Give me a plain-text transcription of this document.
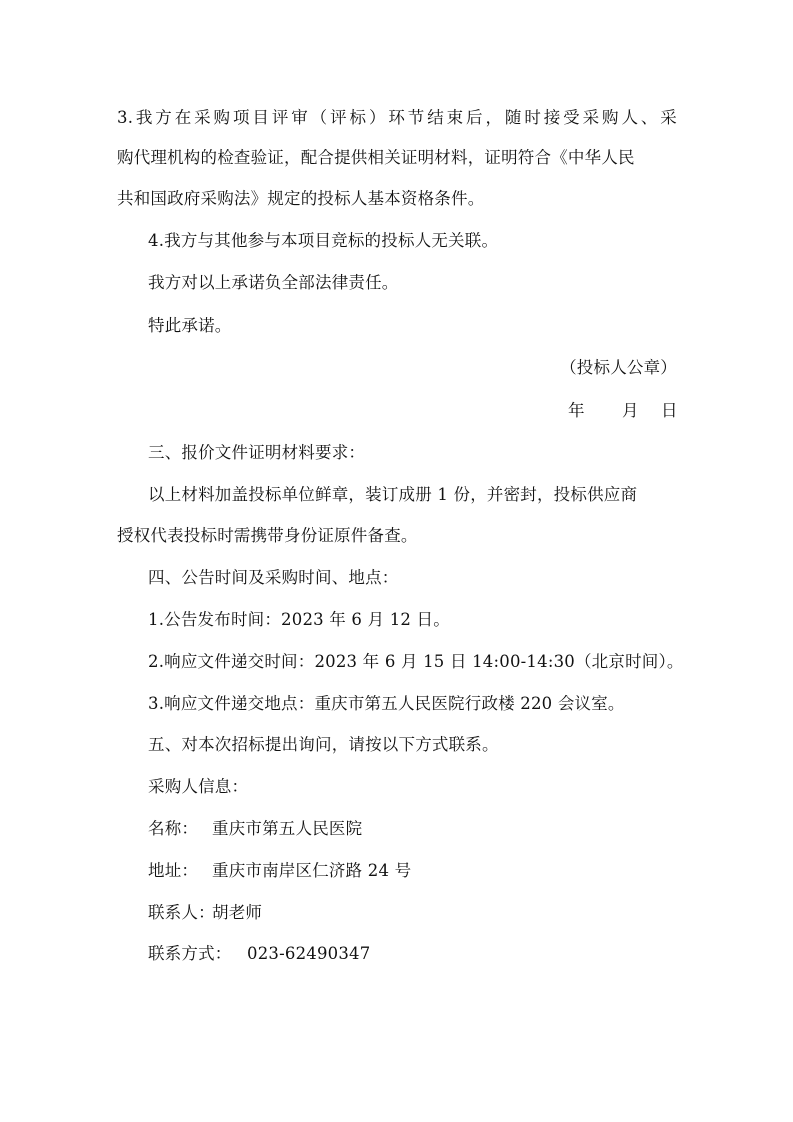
3.我方在采购项目评审（评标）环节结束后，随时接受采购人、采
购代理机构的检查验证，配合提供相关证明材料，证明符合《中华人民
共和国政府采购法》规定的投标人基本资格条件。
4.我方与其他参与本项目竞标的投标人无关联。
我方对以上承诺负全部法律责任。
特此承诺。
（投标人公章）
年 月 日
三、报价文件证明材料要求：
以上材料加盖投标单位鲜章，装订成册 1 份，并密封，投标供应商
授权代表投标时需携带身份证原件备查。
四、公告时间及采购时间、地点：
1.公告发布时间：2023 年 6 月 12 日。
2.响应文件递交时间：2023 年 6 月 15 日 14:00-14:30（北京时间）。
3.响应文件递交地点：重庆市第五人民医院行政楼 220 会议室。
五、对本次招标提出询问，请按以下方式联系。
采购人信息：
名称： 重庆市第五人民医院
地址： 重庆市南岸区仁济路 24 号
联系人：
胡老师
联系方式： 023-62490347
